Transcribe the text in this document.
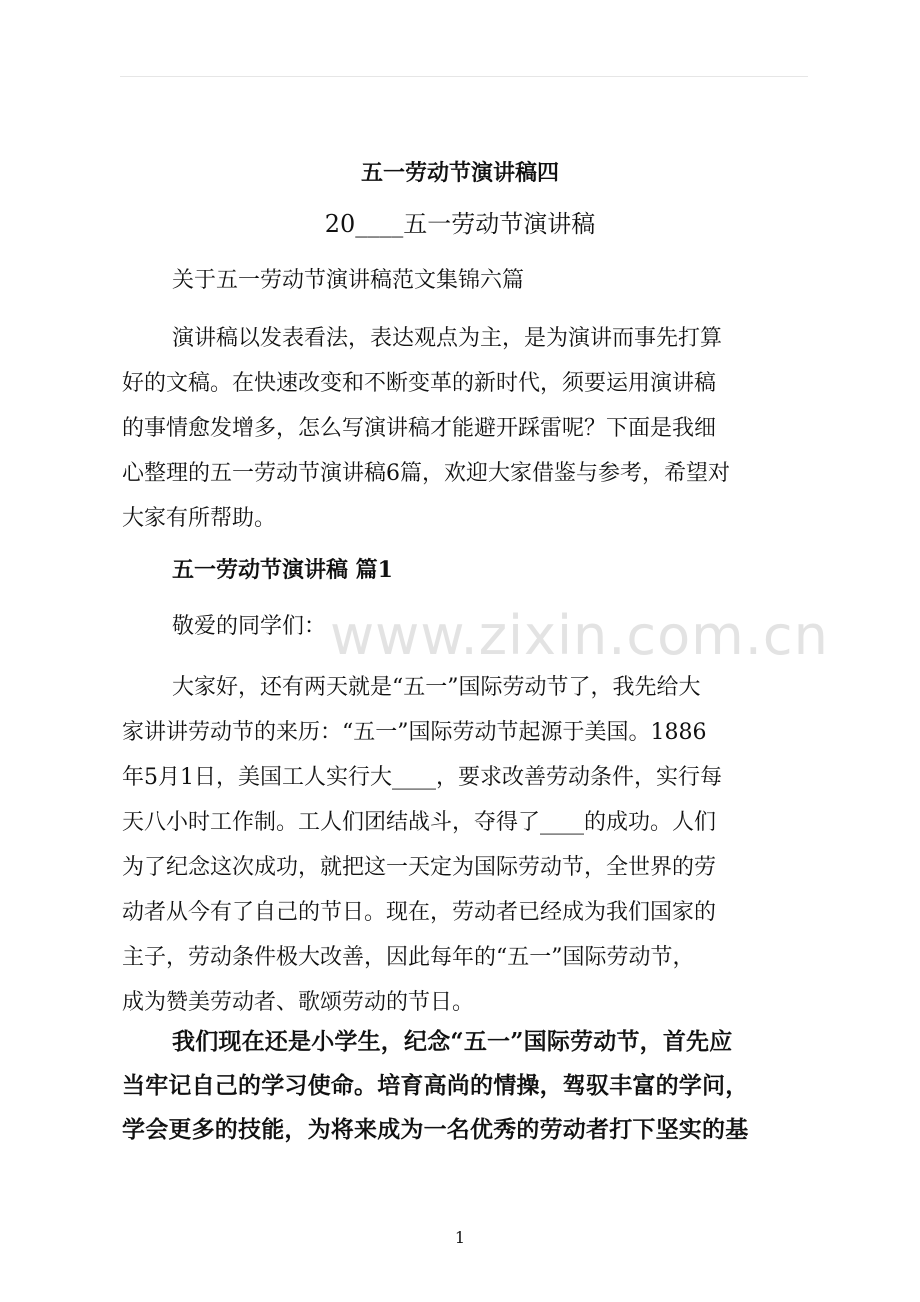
五一劳动节演讲稿四
20____五一劳动节演讲稿
www.zixin.com.cn
关于五一劳动节演讲稿范文集锦六篇
演讲稿以发表看法，表达观点为主，是为演讲而事先打算
好的文稿。在快速改变和不断变革的新时代，须要运用演讲稿
的事情愈发增多，怎么写演讲稿才能避开踩雷呢？下面是我细
心整理的五一劳动节演讲稿6篇，欢迎大家借鉴与参考，希望对
大家有所帮助。
五一劳动节演讲稿 篇1
敬爱的同学们：
大家好，还有两天就是“五一”国际劳动节了，我先给大
家讲讲劳动节的来历：“五一”国际劳动节起源于美国。1886
年5月1日，美国工人实行大____，要求改善劳动条件，实行每
天八小时工作制。工人们团结战斗，夺得了____的成功。人们
为了纪念这次成功，就把这一天定为国际劳动节，全世界的劳
动者从今有了自己的节日。现在，劳动者已经成为我们国家的
主子，劳动条件极大改善，因此每年的“五一”国际劳动节，
成为赞美劳动者、歌颂劳动的节日。
我们现在还是小学生，纪念“五一”国际劳动节，首先应
当牢记自己的学习使命。培育高尚的情操，驾驭丰富的学问，
学会更多的技能，为将来成为一名优秀的劳动者打下坚实的基
1
